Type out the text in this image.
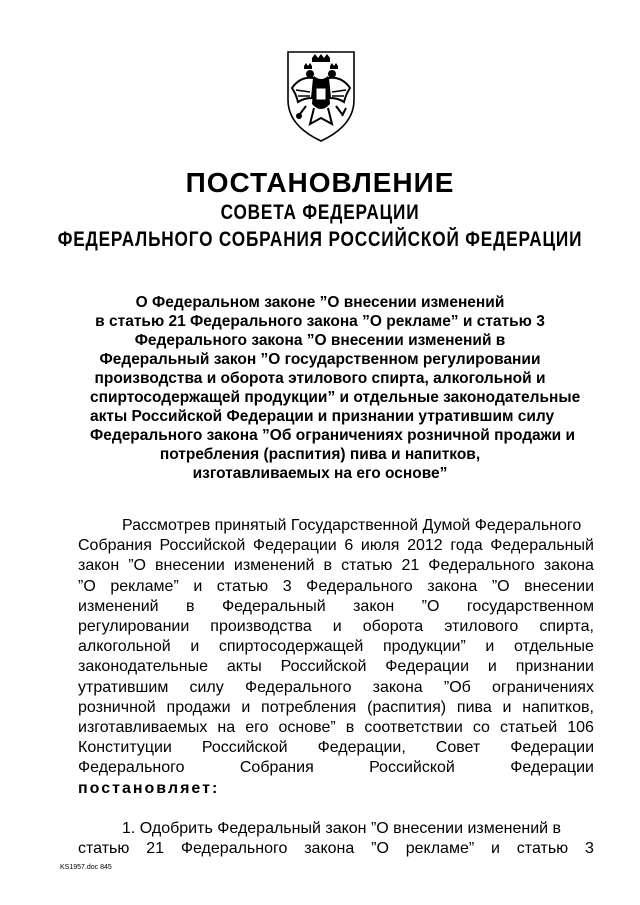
ПОСТАНОВЛЕНИЕ
СОВЕТА ФЕДЕРАЦИИ
ФЕДЕРАЛЬНОГО СОБРАНИЯ РОССИЙСКОЙ ФЕДЕРАЦИИ
О Федеральном законе ”О внесении изменений
в статью 21 Федерального закона ”О рекламе” и статью 3
Федерального закона ”О внесении изменений в
Федеральный закон ”О государственном регулировании
производства и оборота этилового спирта, алкогольной и
спиртосодержащей продукции” и отдельные законодательные
акты Российской Федерации и признании утратившим силу
Федерального закона ”Об ограничениях розничной продажи и
потребления (распития) пива и напитков,
изготавливаемых на его основе”
Рассмотрев принятый Государственной Думой Федерального
Собрания Российской Федерации 6 июля 2012 года Федеральный
закон ”О внесении изменений в статью 21 Федерального закона
”О рекламе” и статью 3 Федерального закона ”О внесении
изменений в Федеральный закон ”О государственном
регулировании производства и оборота этилового спирта,
алкогольной и спиртосодержащей продукции” и отдельные
законодательные акты Российской Федерации и признании
утратившим силу Федерального закона ”Об ограничениях
розничной продажи и потребления (распития) пива и напитков,
изготавливаемых на его основе” в соответствии со статьей 106
Конституции Российской Федерации, Совет Федерации
Федерального	Собрания	Российской	Федерации
постановляет:
1. Одобрить Федеральный закон ”О внесении изменений в
статью 21 Федерального закона ”О рекламе” и статью 3
KS1957.doc 845
